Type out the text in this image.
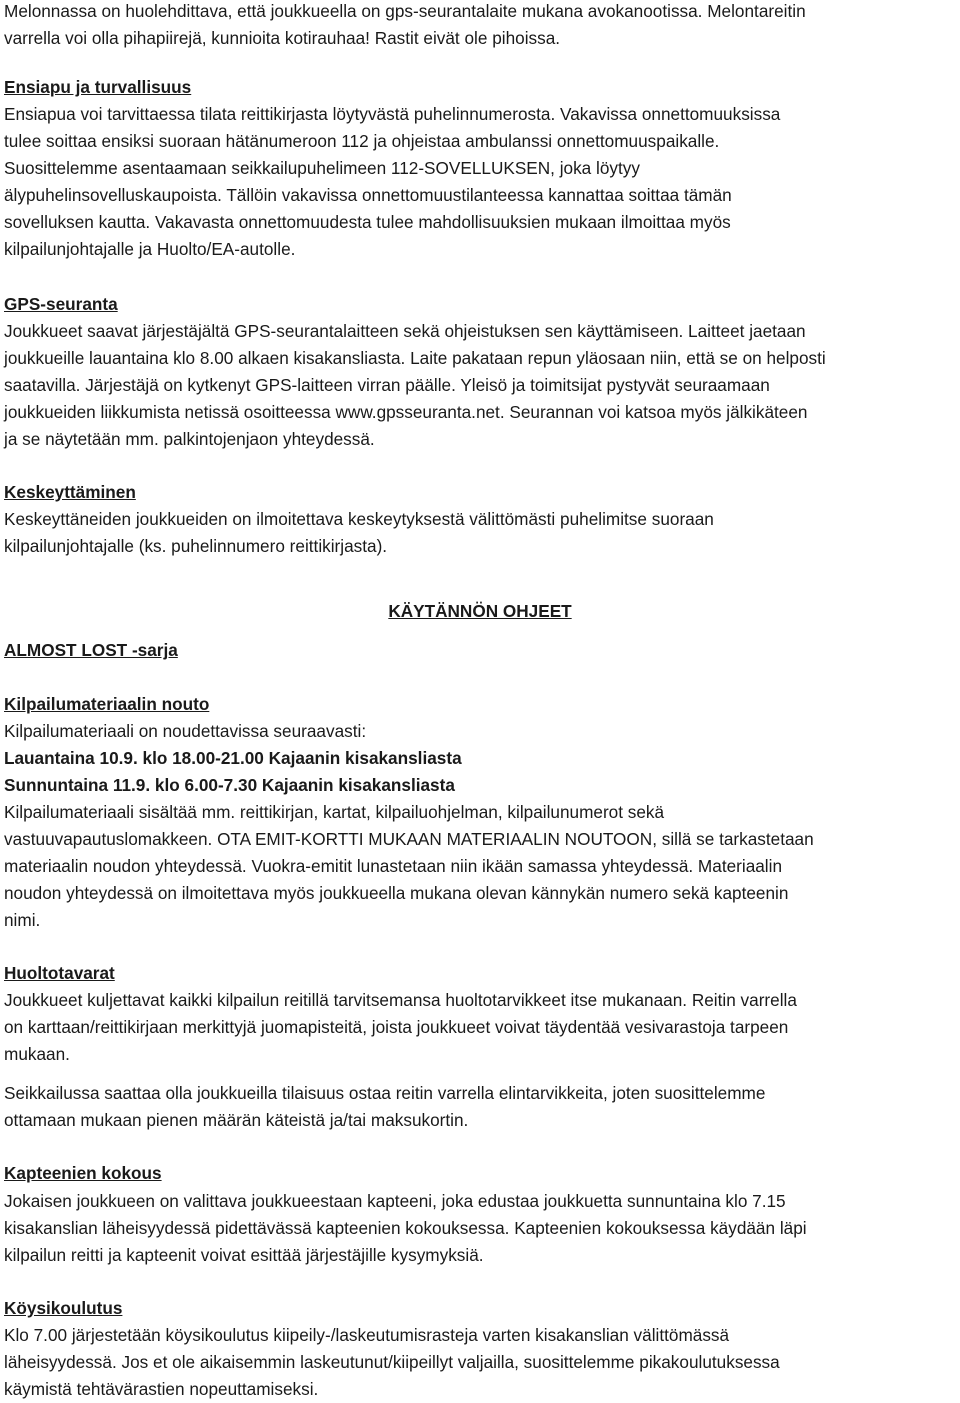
Melonnassa on huolehdittava, että joukkueella on gps-seurantalaite mukana avokanootissa. Melontareitin
varrella voi olla pihapiirejä, kunnioita kotirauhaa! Rastit eivät ole pihoissa.
Ensiapu ja turvallisuus
Ensiapua voi tarvittaessa tilata reittikirjasta löytyvästä puhelinnumerosta. Vakavissa onnettomuuksissa
tulee soittaa ensiksi suoraan hätänumeroon 112 ja ohjeistaa ambulanssi onnettomuuspaikalle.
Suosittelemme asentaamaan seikkailupuhelimeen 112-SOVELLUKSEN, joka löytyy
älypuhelinsovelluskaupoista. Tällöin vakavissa onnettomuustilanteessa kannattaa soittaa tämän
sovelluksen kautta. Vakavasta onnettomuudesta tulee mahdollisuuksien mukaan ilmoittaa myös
kilpailunjohtajalle ja Huolto/EA-autolle.
GPS-seuranta
Joukkueet saavat järjestäjältä GPS-seurantalaitteen sekä ohjeistuksen sen käyttämiseen. Laitteet jaetaan
joukkueille lauantaina klo 8.00 alkaen kisakansliasta. Laite pakataan repun yläosaan niin, että se on helposti
saatavilla. Järjestäjä on kytkenyt GPS-laitteen virran päälle. Yleisö ja toimitsijat pystyvät seuraamaan
joukkueiden liikkumista netissä osoitteessa www.gpsseuranta.net. Seurannan voi katsoa myös jälkikäteen
ja se näytetään mm. palkintojenjaon yhteydessä.
Keskeyttäminen
Keskeyttäneiden joukkueiden on ilmoitettava keskeytyksestä välittömästi puhelimitse suoraan
kilpailunjohtajalle (ks. puhelinnumero reittikirjasta).
KÄYTÄNNÖN OHJEET
ALMOST LOST -sarja
Kilpailumateriaalin nouto
Kilpailumateriaali on noudettavissa seuraavasti:
Lauantaina 10.9. klo 18.00-21.00 Kajaanin kisakansliasta
Sunnuntaina 11.9. klo 6.00-7.30 Kajaanin kisakansliasta
Kilpailumateriaali sisältää mm. reittikirjan, kartat, kilpailuohjelman, kilpailunumerot sekä
vastuuvapautuslomakkeen. OTA EMIT-KORTTI MUKAAN MATERIAALIN NOUTOON, sillä se tarkastetaan
materiaalin noudon yhteydessä. Vuokra-emitit lunastetaan niin ikään samassa yhteydessä. Materiaalin
noudon yhteydessä on ilmoitettava myös joukkueella mukana olevan kännykän numero sekä kapteenin
nimi.
Huoltotavarat
Joukkueet kuljettavat kaikki kilpailun reitillä tarvitsemansa huoltotarvikkeet itse mukanaan. Reitin varrella
on karttaan/reittikirjaan merkittyjä juomapisteitä, joista joukkueet voivat täydentää vesivarastoja tarpeen
mukaan.
Seikkailussa saattaa olla joukkueilla tilaisuus ostaa reitin varrella elintarvikkeita, joten suosittelemme
ottamaan mukaan pienen määrän käteistä ja/tai maksukortin.
Kapteenien kokous
Jokaisen joukkueen on valittava joukkueestaan kapteeni, joka edustaa joukkuetta sunnuntaina klo 7.15
kisakanslian läheisyydessä pidettävässä kapteenien kokouksessa. Kapteenien kokouksessa käydään läpi
kilpailun reitti ja kapteenit voivat esittää järjestäjille kysymyksiä.
Köysikoulutus
Klo 7.00 järjestetään köysikoulutus kiipeily-/laskeutumisrasteja varten kisakanslian välittömässä
läheisyydessä. Jos et ole aikaisemmin laskeutunut/kiipeillyt valjailla, suosittelemme pikakoulutuksessa
käymistä tehtävärastien nopeuttamiseksi.
